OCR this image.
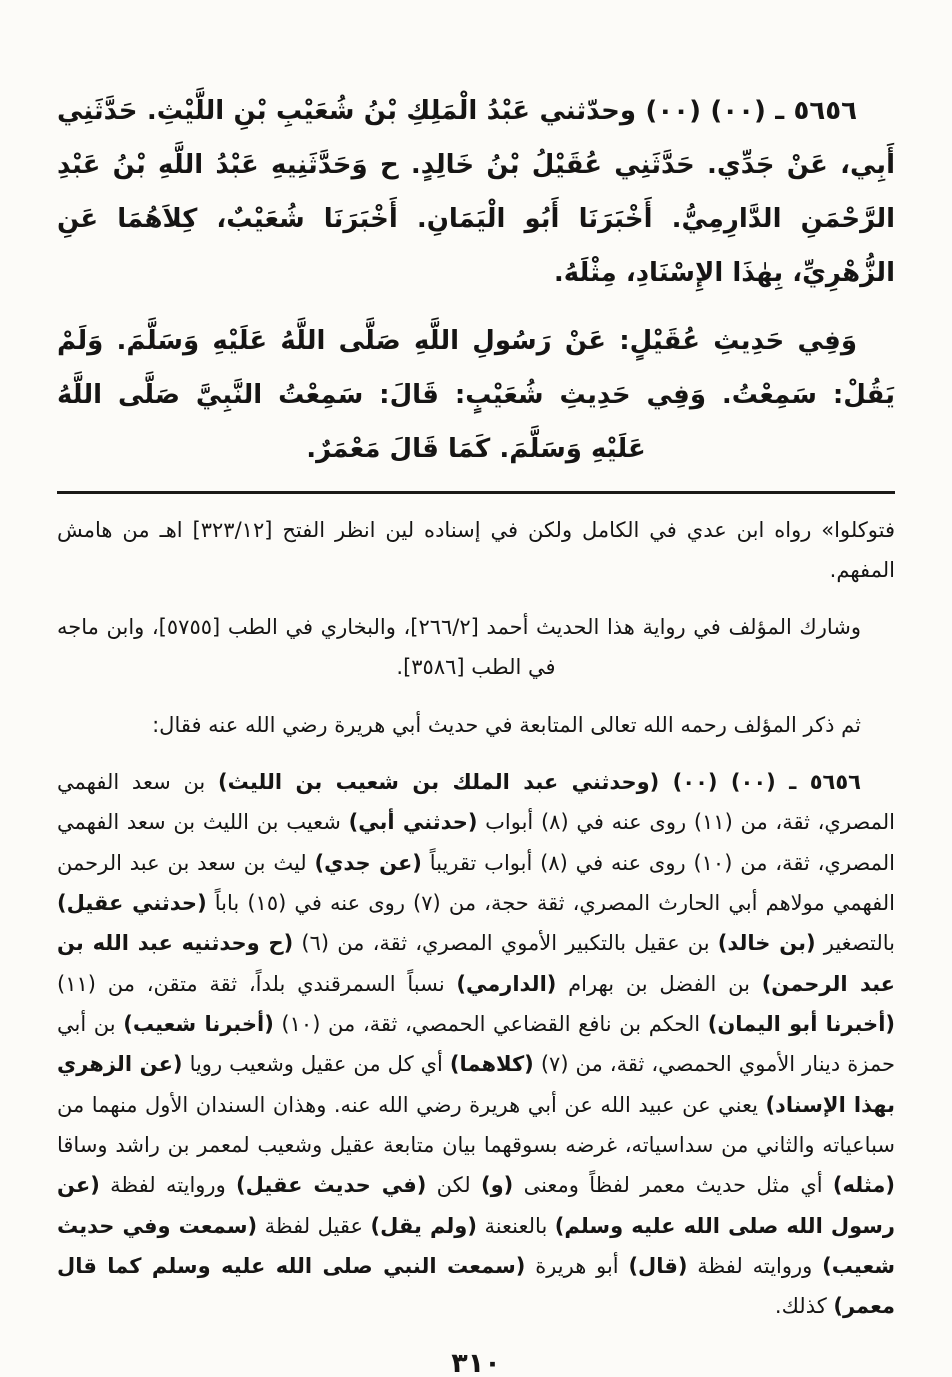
٥٦٥٦ ـ (٠٠) (٠٠) وحدّثني عَبْدُ الْمَلِكِ بْنُ شُعَيْبِ بْنِ اللَّيْثِ. حَدَّثَنِي أَبِي، عَنْ جَدِّي. حَدَّثَنِي عُقَيْلُ بْنُ خَالِدٍ. ح وَحَدَّثَنِيهِ عَبْدُ اللَّهِ بْنُ عَبْدِ الرَّحْمَنِ الدَّارِمِيُّ. أَخْبَرَنَا أَبُو الْيَمَانِ. أَخْبَرَنَا شُعَيْبٌ، كِلاَهُمَا عَنِ الزُّهْرِيِّ، بِهٰذَا الإِسْنَادِ، مِثْلَهُ.

وَفِي حَدِيثِ عُقَيْلٍ: عَنْ رَسُولِ اللَّهِ صَلَّى اللَّهُ عَلَيْهِ وَسَلَّمَ. وَلَمْ يَقُلْ: سَمِعْتُ. وَفِي حَدِيثِ شُعَيْبٍ: قَالَ: سَمِعْتُ النَّبِيَّ صَلَّى اللَّهُ عَلَيْهِ وَسَلَّمَ. كَمَا قَالَ مَعْمَرٌ.

فتوكلوا» رواه ابن عدي في الكامل ولكن في إسناده لين انظر الفتح [٣٢٣/١٢] اهـ من هامش المفهم.

وشارك المؤلف في رواية هذا الحديث أحمد [٢٦٦/٢]، والبخاري في الطب [٥٧٥٥]، وابن ماجه في الطب [٣٥٨٦].

ثم ذكر المؤلف رحمه الله تعالى المتابعة في حديث أبي هريرة رضي الله عنه فقال:

٥٦٥٦ ـ (٠٠) (٠٠) (وحدثني عبد الملك بن شعيب بن الليث) بن سعد الفهمي المصري، ثقة، من (١١) روى عنه في (٨) أبواب (حدثني أبي) شعيب بن الليث بن سعد الفهمي المصري، ثقة، من (١٠) روى عنه في (٨) أبواب تقريباً (عن جدي) ليث بن سعد بن عبد الرحمن الفهمي مولاهم أبي الحارث المصري، ثقة حجة، من (٧) روى عنه في (١٥) باباً (حدثني عقيل) بالتصغير (بن خالد) بن عقيل بالتكبير الأموي المصري، ثقة، من (٦) (ح وحدثنيه عبد الله بن عبد الرحمن) بن الفضل بن بهرام (الدارمي) نسباً السمرقندي بلداً، ثقة متقن، من (١١) (أخبرنا أبو اليمان) الحكم بن نافع القضاعي الحمصي، ثقة، من (١٠) (أخبرنا شعيب) بن أبي حمزة دينار الأموي الحمصي، ثقة، من (٧) (كلاهما) أي كل من عقيل وشعيب رويا (عن الزهري بهذا الإسناد) يعني عن عبيد الله عن أبي هريرة رضي الله عنه. وهذان السندان الأول منهما من سباعياته والثاني من سداسياته، غرضه بسوقهما بيان متابعة عقيل وشعيب لمعمر بن راشد وساقا (مثله) أي مثل حديث معمر لفظاً ومعنى (و) لكن (في حديث عقيل) وروايته لفظة (عن رسول الله صلى الله عليه وسلم) بالعنعنة (ولم يقل) عقيل لفظة (سمعت وفي حديث شعيب) وروايته لفظة (قال) أبو هريرة (سمعت النبي صلى الله عليه وسلم كما قال معمر) كذلك.

٣١٠
